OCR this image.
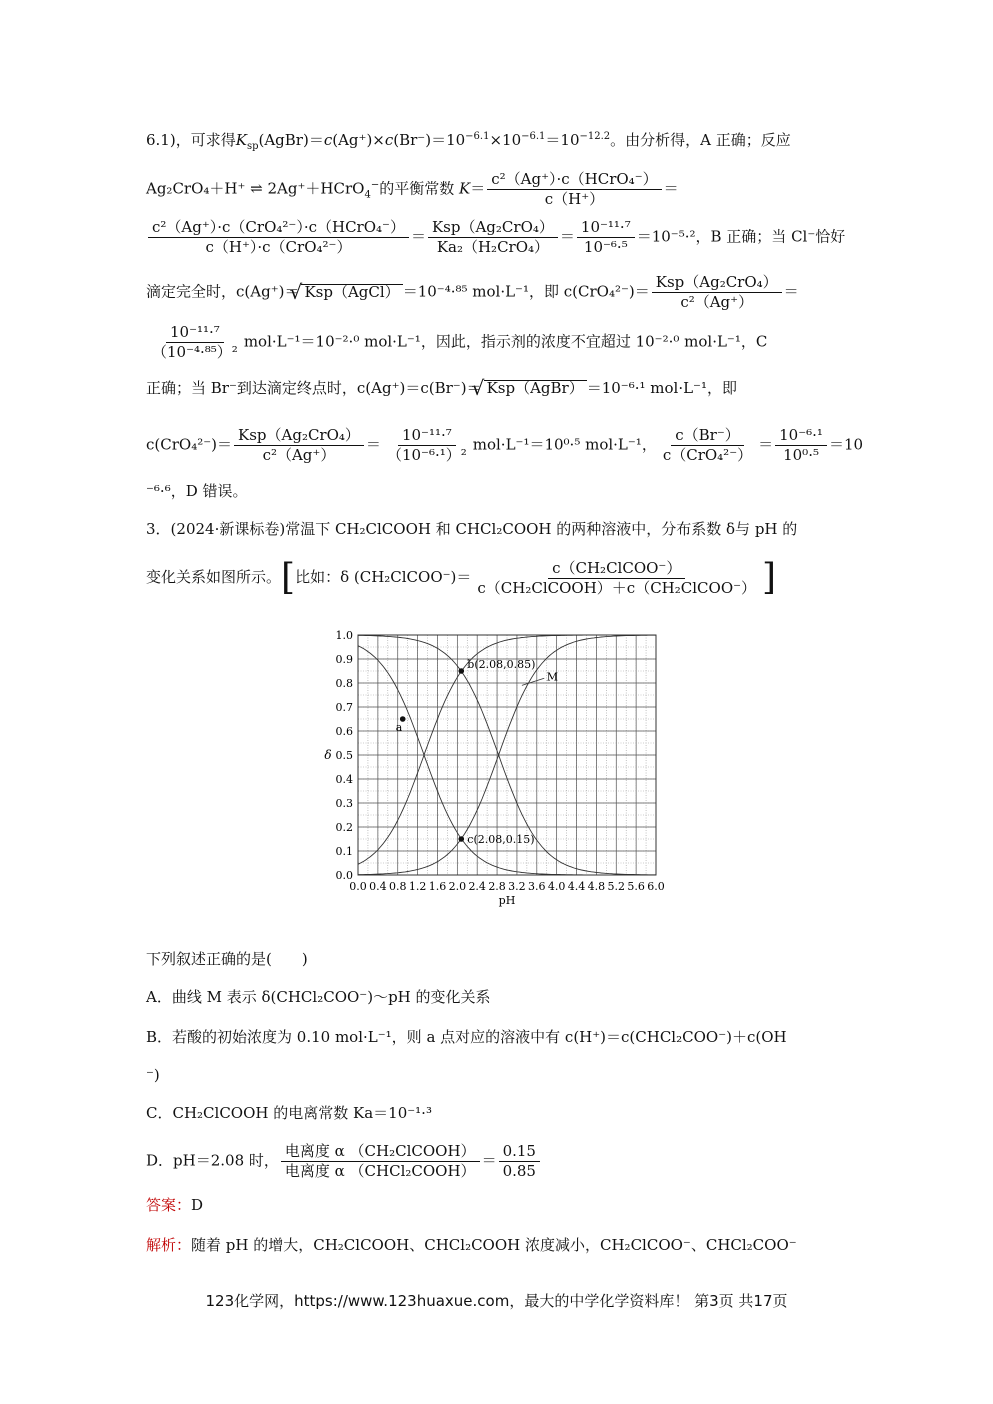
6.1)，可求得$K_{sp}(AgBr)=c(Ag^+)\times c(Br^-)=10^{-6.1}\times 10^{-6.1}=10^{-12.2}$。由分析得，A 正确；反应
Ag₂CrO₄＋H⁺ ⇌ 2Ag⁺＋HCrO$_4$−的平衡常数 $K= \frac{\text{c²（Ag⁺）·c（HCrO₄⁻）}}{c(H^+)}$ ＝
$\frac{\text{c²（Ag⁺）·c（CrO₄²⁻）·c（HCrO₄⁻）}}{\text{c（H⁺）·c（CrO₄²⁻）}} = \frac{\text{Ksp（Ag₂CrO₄）}}{\text{Ka₂（H₂CrO₄）}} = \frac{\text{10⁻¹¹·⁷}}{\text{10⁻⁶·⁵}} =10^{-5}\cdot^2$，B 正确；当 Cl⁻恰好
滴定完全时，c(Ag⁺)＝ √ Ksp（AgCl） ＝10⁻⁴·⁸⁵ mol·L⁻¹，即 $c(CrO_4^{2-})= \frac{\text{Ksp（Ag₂CrO₄）}}{\text{c²（Ag⁺）}}$ ＝
$\frac{\text{10⁻¹¹·⁷}}{\text{（10⁻⁴·⁸⁵）²}} mol\cdot L^{-1}=10^{-2}\cdot^0$ mol·L⁻¹，因此，指示剂的浓度不宜超过 10⁻²·⁰ mol·L⁻¹，C
正确；当 Br⁻到达滴定终点时，c(Ag⁺)＝c(Br⁻)＝ √ Ksp（AgBr） ＝10⁻⁶·¹ mol·L⁻¹，即
$c(CrO_4^{2-})= \frac{\text{Ksp（Ag₂CrO₄）}}{\text{c²（Ag⁺）}} = \frac{\text{10⁻¹¹·⁷}}{\text{（10⁻⁶·¹）²}} mol\cdot L^{-1}=10^0\cdot^5$ mol·L⁻¹， $\frac{c(Br^-)}{\text{c（CrO₄²⁻）}} = \frac{\text{10⁻⁶·¹}}{\text{10⁰·⁵}} =10$
⁻⁶·⁶，D 错误。
3．(2024·新课标卷)常温下 CH₂ClCOOH 和 CHCl₂COOH 的两种溶液中，分布系数 δ与 pH 的
变化关系如图所示。[比如：δ (CH₂ClCOO⁻)＝ $\frac{\text{c（CH₂ClCOO⁻）}}{\text{c（CH₂ClCOOH）＋c（CH₂ClCOO⁻）}}$ ]
0.0 0.4 0.8 1.2 1.6 2.0 2.4 2.8 3.2 3.6 4.0 4.4 4.8 5.2 5.6 6.0
0.0
0.1
0.2
0.3
0.4
0.5
0.6
0.7
0.8
0.9
1.0
pH
δ
a
b(2.08,0.85)
c(2.08,0.15)
M
下列叙述正确的是(　　)
A．曲线 M 表示 δ(CHCl₂COO⁻)～pH 的变化关系
B．若酸的初始浓度为 0.10 mol·L⁻¹，则 a 点对应的溶液中有 c(H⁺)＝c(CHCl₂COO⁻)＋c(OH
⁻)
C．CH₂ClCOOH 的电离常数 Ka＝10⁻¹·³
D．pH＝2.08 时， $\frac{\text{电离度 α （CH₂ClCOOH）}}{\text{电离度 α （CHCl₂COOH）}} = \frac{0.15}{0.85}$
答案：D
解析：随着 pH 的增大，CH₂ClCOOH、CHCl₂COOH 浓度减小，CH₂ClCOO⁻、CHCl₂COO⁻
123化学网，https://www.123huaxue.com，最大的中学化学资料库！ 第3页 共17页
